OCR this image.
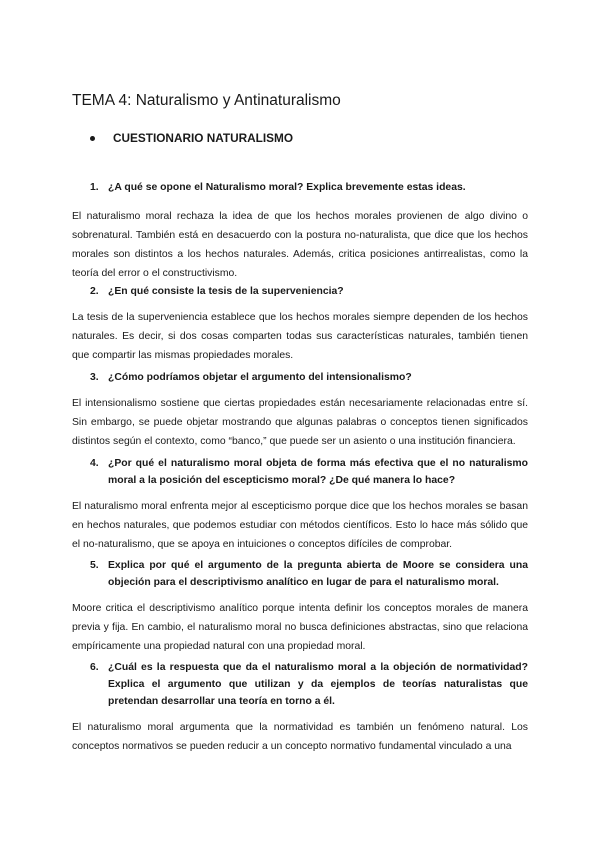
TEMA 4: Naturalismo y Antinaturalismo
CUESTIONARIO NATURALISMO
1. ¿A qué se opone el Naturalismo moral? Explica brevemente estas ideas.
El naturalismo moral rechaza la idea de que los hechos morales provienen de algo divino o sobrenatural. También está en desacuerdo con la postura no-naturalista, que dice que los hechos morales son distintos a los hechos naturales. Además, critica posiciones antirrealistas, como la teoría del error o el constructivismo.
2. ¿En qué consiste la tesis de la superveniencia?
La tesis de la superveniencia establece que los hechos morales siempre dependen de los hechos naturales. Es decir, si dos cosas comparten todas sus características naturales, también tienen que compartir las mismas propiedades morales.
3. ¿Cómo podríamos objetar el argumento del intensionalismo?
El intensionalismo sostiene que ciertas propiedades están necesariamente relacionadas entre sí. Sin embargo, se puede objetar mostrando que algunas palabras o conceptos tienen significados distintos según el contexto, como “banco,” que puede ser un asiento o una institución financiera.
4. ¿Por qué el naturalismo moral objeta de forma más efectiva que el no naturalismo moral a la posición del escepticismo moral? ¿De qué manera lo hace?
El naturalismo moral enfrenta mejor al escepticismo porque dice que los hechos morales se basan en hechos naturales, que podemos estudiar con métodos científicos. Esto lo hace más sólido que el no-naturalismo, que se apoya en intuiciones o conceptos difíciles de comprobar.
5. Explica por qué el argumento de la pregunta abierta de Moore se considera una objeción para el descriptivismo analítico en lugar de para el naturalismo moral.
Moore critica el descriptivismo analítico porque intenta definir los conceptos morales de manera previa y fija. En cambio, el naturalismo moral no busca definiciones abstractas, sino que relaciona empíricamente una propiedad natural con una propiedad moral.
6. ¿Cuál es la respuesta que da el naturalismo moral a la objeción de normatividad? Explica el argumento que utilizan y da ejemplos de teorías naturalistas que pretendan desarrollar una teoría en torno a él.
El naturalismo moral argumenta que la normatividad es también un fenómeno natural. Los conceptos normativos se pueden reducir a un concepto normativo fundamental vinculado a una
